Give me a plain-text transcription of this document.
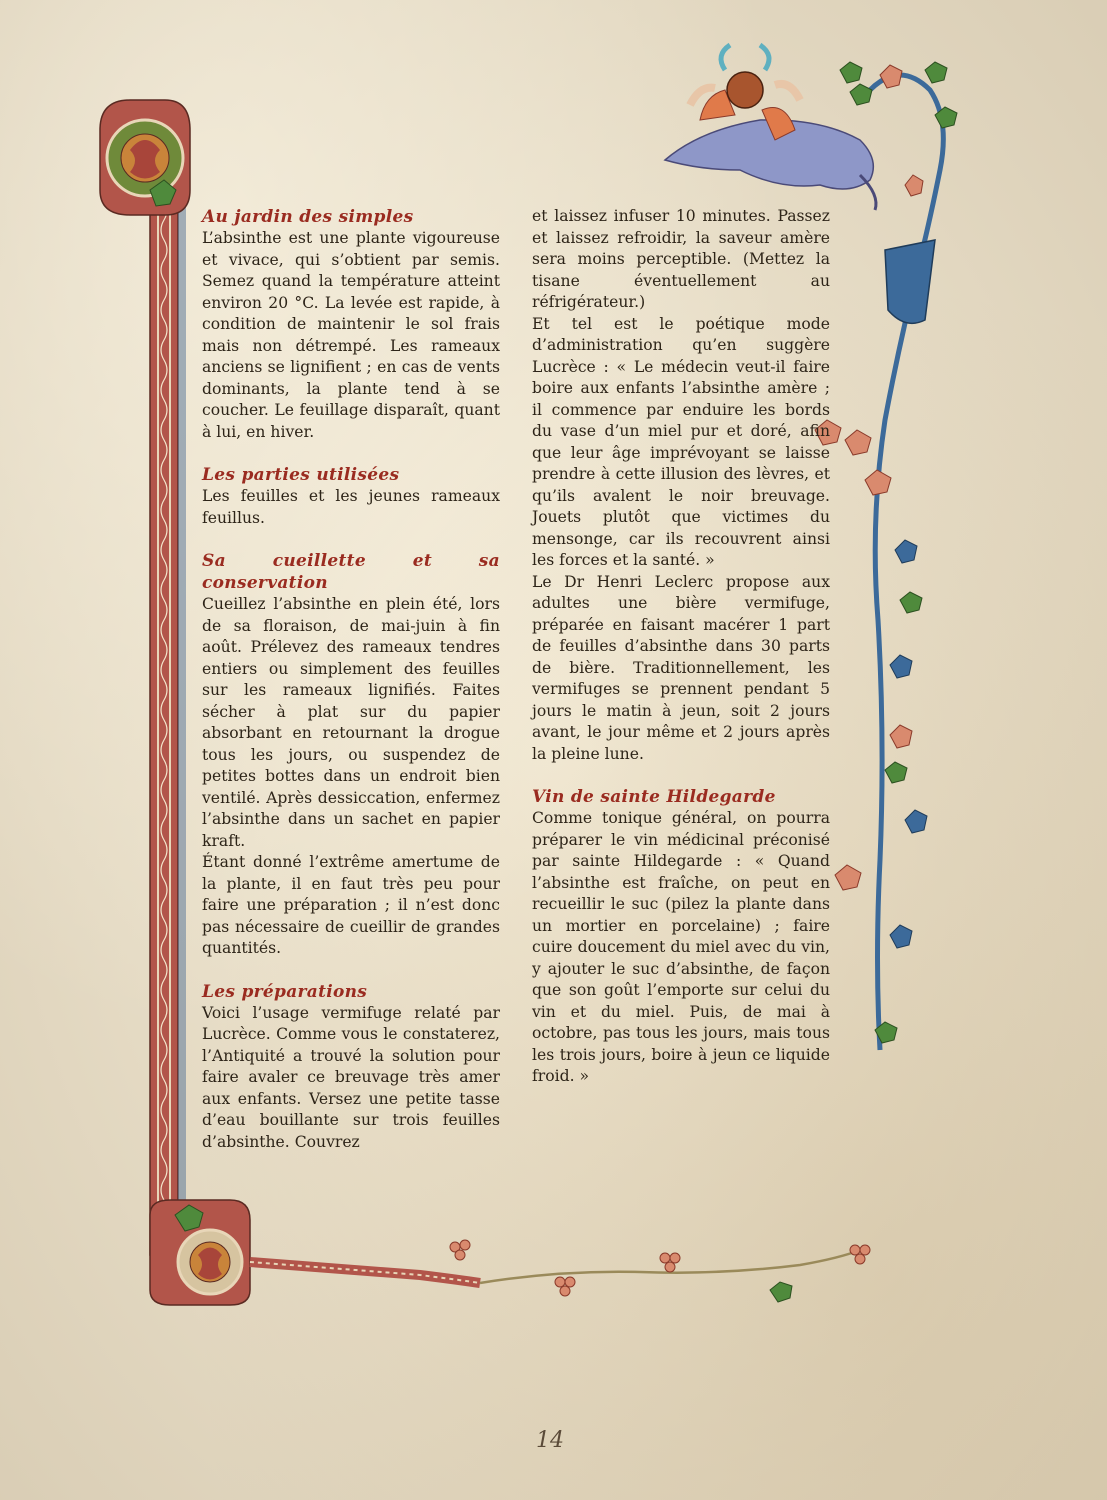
Au jardin des simples

L’absinthe est une plante vigoureuse et vivace, qui s’obtient par semis. Semez quand la température atteint environ 20 °C. La levée est rapide, à condition de maintenir le sol frais mais non détrempé. Les rameaux anciens se lignifient ; en cas de vents dominants, la plante tend à se coucher. Le feuillage disparaît, quant à lui, en hiver.

Les parties utilisées

Les feuilles et les jeunes rameaux feuillus.

Sa cueillette et sa conservation

Cueillez l’absinthe en plein été, lors de sa floraison, de mai-juin à fin août. Prélevez des rameaux tendres entiers ou simplement des feuilles sur les rameaux lignifiés. Faites sécher à plat sur du papier absorbant en retournant la drogue tous les jours, ou suspendez de petites bottes dans un endroit bien ventilé. Après dessiccation, enfermez l’absinthe dans un sachet en papier kraft.

Étant donné l’extrême amertume de la plante, il en faut très peu pour faire une préparation ; il n’est donc pas nécessaire de cueillir de grandes quantités.

Les préparations

Voici l’usage vermifuge relaté par Lucrèce. Comme vous le constaterez, l’Antiquité a trouvé la solution pour faire avaler ce breuvage très amer aux enfants. Versez une petite tasse d’eau bouillante sur trois feuilles d’absinthe. Couvrez

et laissez infuser 10 minutes. Passez et laissez refroidir, la saveur amère sera moins perceptible. (Mettez la tisane éventuellement au réfrigérateur.)

Et tel est le poétique mode d’administration qu’en suggère Lucrèce : « Le médecin veut-il faire boire aux enfants l’absinthe amère ; il commence par enduire les bords du vase d’un miel pur et doré, afin que leur âge imprévoyant se laisse prendre à cette illusion des lèvres, et qu’ils avalent le noir breuvage. Jouets plutôt que victimes du mensonge, car ils recouvrent ainsi les forces et la santé. »

Le Dr Henri Leclerc propose aux adultes une bière vermifuge, préparée en faisant macérer 1 part de feuilles d’absinthe dans 30 parts de bière. Traditionnellement, les vermifuges se prennent pendant 5 jours le matin à jeun, soit 2 jours avant, le jour même et 2 jours après la pleine lune.

Vin de sainte Hildegarde

Comme tonique général, on pourra préparer le vin médicinal préconisé par sainte Hildegarde : « Quand l’absinthe est fraîche, on peut en recueillir le suc (pilez la plante dans un mortier en porcelaine) ; faire cuire doucement du miel avec du vin, y ajouter le suc d’absinthe, de façon que son goût l’emporte sur celui du vin et du miel. Puis, de mai à octobre, pas tous les jours, mais tous les trois jours, boire à jeun ce liquide froid. »

14
